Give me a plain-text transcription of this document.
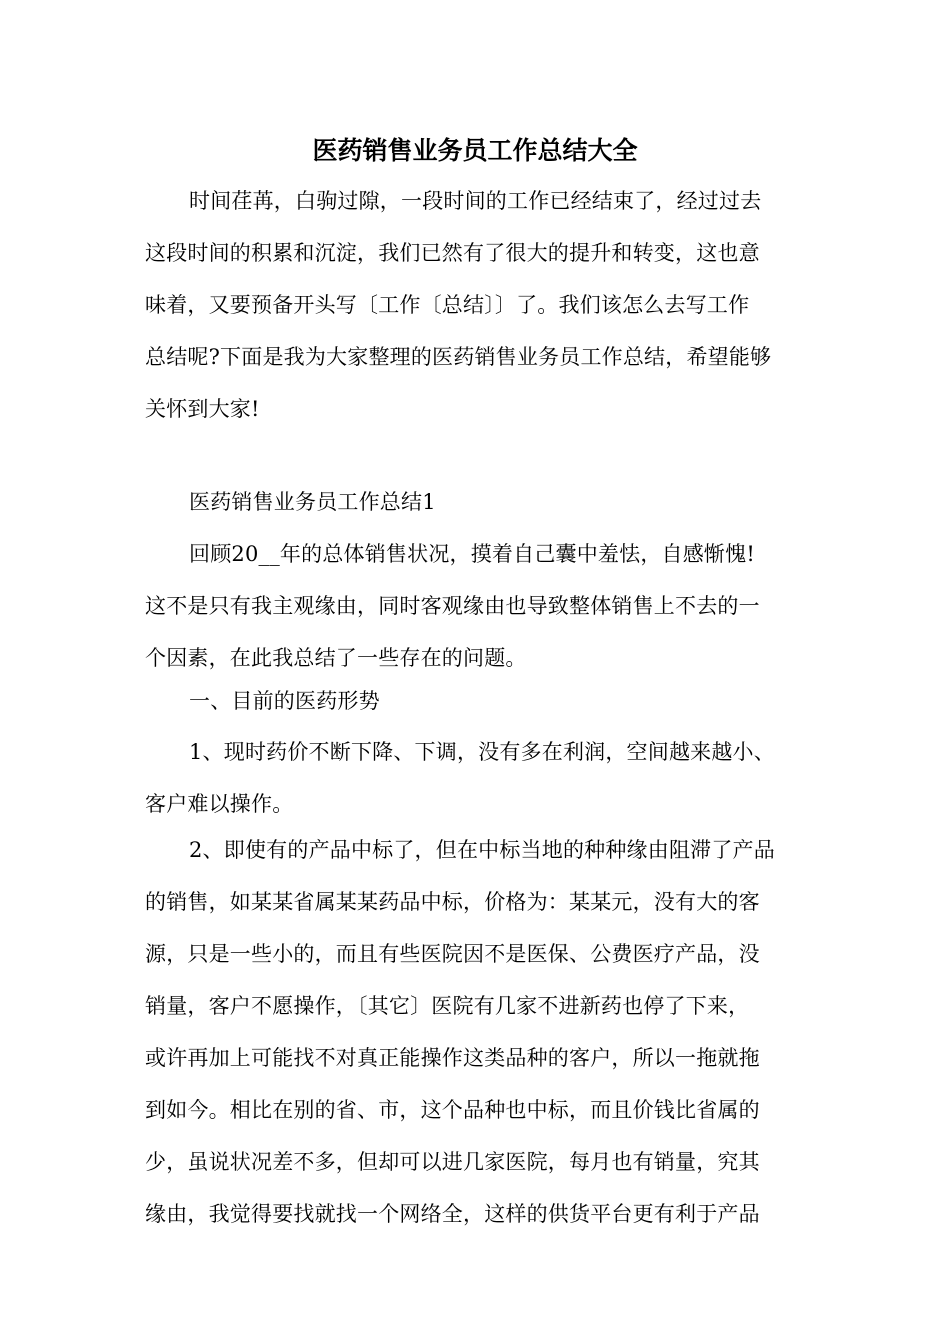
医药销售业务员工作总结大全
时间荏苒，白驹过隙，一段时间的工作已经结束了，经过过去
这段时间的积累和沉淀，我们已然有了很大的提升和转变，这也意
味着，又要预备开头写〔工作〔总结〕〕了。我们该怎么去写工作
总结呢?下面是我为大家整理的医药销售业务员工作总结，希望能够
关怀到大家!
医药销售业务员工作总结1
回顾20__年的总体销售状况，摸着自己囊中羞怯，自感惭愧!
这不是只有我主观缘由，同时客观缘由也导致整体销售上不去的一
个因素，在此我总结了一些存在的问题。
一、目前的医药形势
1、现时药价不断下降、下调，没有多在利润，空间越来越小、
客户难以操作。
2、即使有的产品中标了，但在中标当地的种种缘由阻滞了产品
的销售，如某某省属某某药品中标，价格为：某某元，没有大的客
源，只是一些小的，而且有些医院因不是医保、公费医疗产品，没
销量，客户不愿操作，〔其它〕医院有几家不进新药也停了下来，
或许再加上可能找不对真正能操作这类品种的客户，所以一拖就拖
到如今。相比在别的省、市，这个品种也中标，而且价钱比省属的
少，虽说状况差不多，但却可以进几家医院，每月也有销量，究其
缘由，我觉得要找就找一个网络全，这样的供货平台更有利于产品
